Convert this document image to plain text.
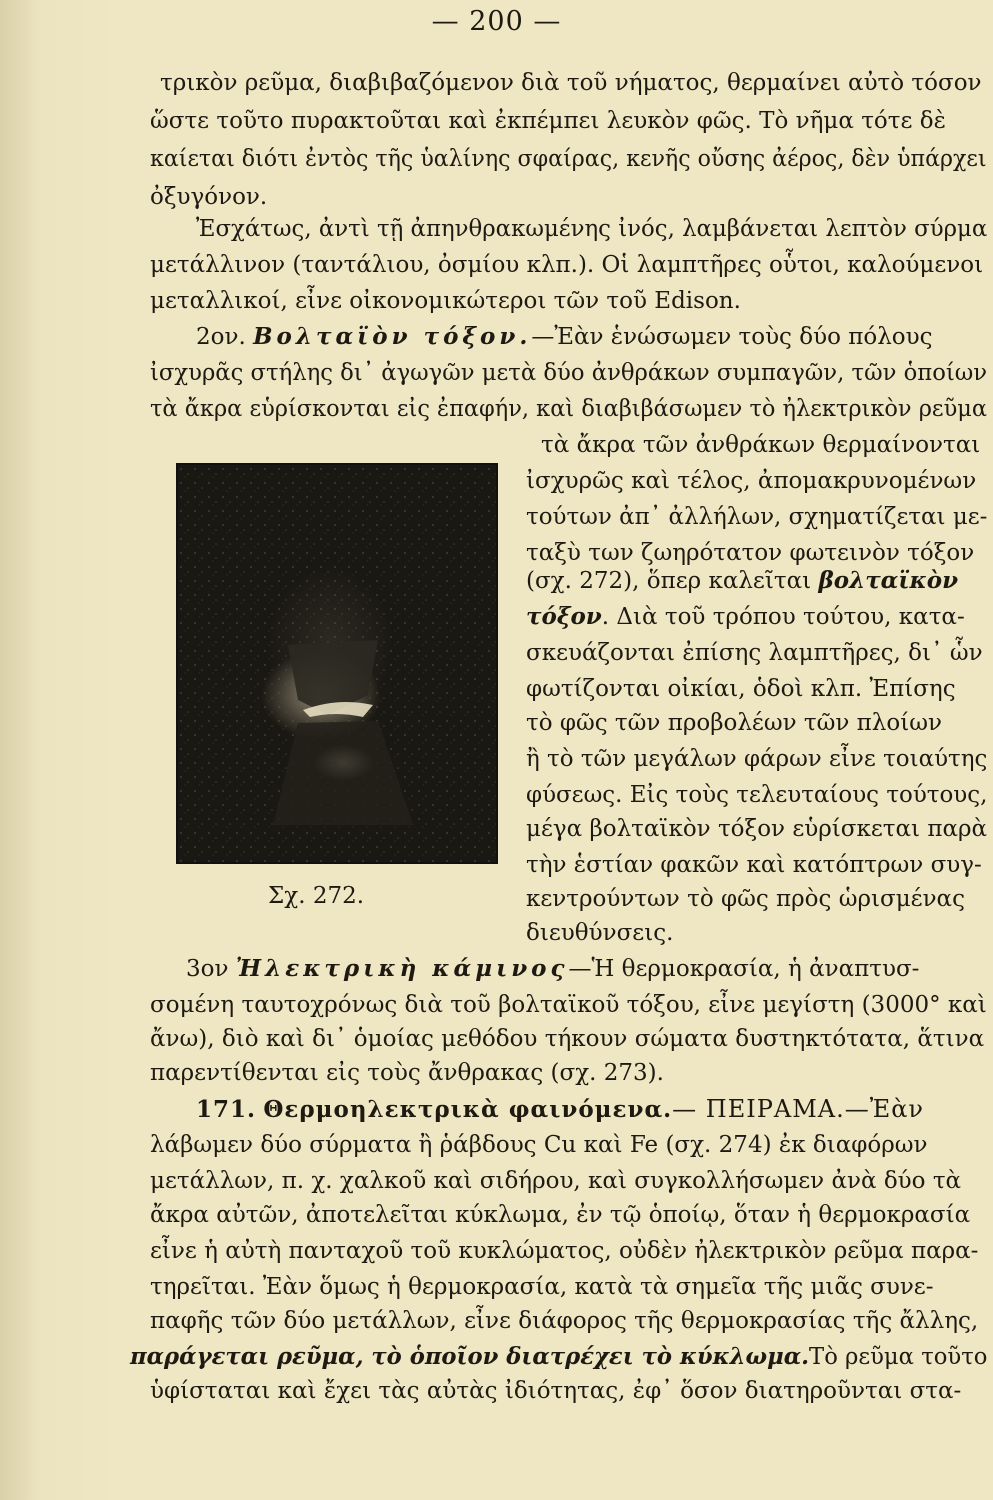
— 200 —
τρικὸν ρεῦμα, διαβιβαζόμενον διὰ τοῦ νήματος, θερμαίνει αὐτὸ τόσον
ὥστε τοῦτο πυρακτοῦται καὶ ἐκπέμπει λευκὸν φῶς. Τὸ νῆμα τότε δὲ
καίεται διότι ἐντὸς τῆς ὑαλίνης σφαίρας, κενῆς οὔσης ἀέρος, δὲν ὑπάρχει
ὀξυγόνον.
Ἐσχάτως, ἀντὶ τῇ ἀπηνθρακωμένης ἰνός, λαμβάνεται λεπτὸν σύρμα
μετάλλινον (ταντάλιου, ὀσμίου κλπ.). Οἱ λαμπτῆρες οὗτοι, καλούμενοι
μεταλλικοί, εἶνε οἰκονομικώτεροι τῶν τοῦ Edison.
2ον. Βολταϊὸν τόξον.—Ἐὰν ἑνώσωμεν τοὺς δύο πόλους
ἰσχυρᾶς στήλης δι᾽ ἀγωγῶν μετὰ δύο ἀνθράκων συμπαγῶν, τῶν ὁποίων
τὰ ἄκρα εὑρίσκονται εἰς ἐπαφήν, καὶ διαβιβάσωμεν τὸ ἠλεκτρικὸν ρεῦμα
Σχ. 272.
τὰ ἄκρα τῶν ἀνθράκων θερμαίνονται
ἰσχυρῶς καὶ τέλος, ἀπομακρυνομένων
τούτων ἀπ᾽ ἀλλήλων, σχηματίζεται με-
ταξὺ των ζωηρότατον φωτεινὸν τόξον
(σχ. 272), ὅπερ καλεῖται βολταϊκὸν
τόξον. Διὰ τοῦ τρόπου τούτου, κατα-
σκευάζονται ἐπίσης λαμπτῆρες, δι᾽ ὧν
φωτίζονται οἰκίαι, ὁδοὶ κλπ. Ἐπίσης
τὸ φῶς τῶν προβολέων τῶν πλοίων
ἢ τὸ τῶν μεγάλων φάρων εἶνε τοιαύτης
φύσεως. Εἰς τοὺς τελευταίους τούτους,
μέγα βολταϊκὸν τόξον εὑρίσκεται παρὰ
τὴν ἑστίαν φακῶν καὶ κατόπτρων συγ-
κεντρούντων τὸ φῶς πρὸς ὡρισμένας
διευθύνσεις.
3ον Ἠλεκτρικὴ κάμινος—Ἡ θερμοκρασία, ἡ ἀναπτυσ-
σομένη ταυτοχρόνως διὰ τοῦ βολταϊκοῦ τόξου, εἶνε μεγίστη (3000° καὶ
ἄνω), διὸ καὶ δι᾽ ὁμοίας μεθόδου τήκουν σώματα δυστηκτότατα, ἅτινα
παρεντίθενται εἰς τοὺς ἄνθρακας (σχ. 273).
171. Θερμοηλεκτρικὰ φαινόμενα.— ΠΕΙΡΑΜΑ.—Ἐὰν
λάβωμεν δύο σύρματα ἢ ῥάβδους Cu καὶ Fe (σχ. 274) ἐκ διαφόρων
μετάλλων, π. χ. χαλκοῦ καὶ σιδήρου, καὶ συγκολλήσωμεν ἀνὰ δύο τὰ
ἄκρα αὐτῶν, ἀποτελεῖται κύκλωμα, ἐν τῷ ὁποίῳ, ὅταν ἡ θερμοκρασία
εἶνε ἡ αὐτὴ πανταχοῦ τοῦ κυκλώματος, οὐδὲν ἠλεκτρικὸν ρεῦμα παρα-
τηρεῖται. Ἐὰν ὅμως ἡ θερμοκρασία, κατὰ τὰ σημεῖα τῆς μιᾶς συνε-
παφῆς τῶν δύο μετάλλων, εἶνε διάφορος τῆς θερμοκρασίας τῆς ἄλλης,
παράγεται ρεῦμα, τὸ ὁποῖον διατρέχει τὸ κύκλωμα.Τὸ ρεῦμα τοῦτο
ὑφίσταται καὶ ἔχει τὰς αὐτὰς ἰδιότητας, ἐφ᾽ ὅσον διατηροῦνται στα-
